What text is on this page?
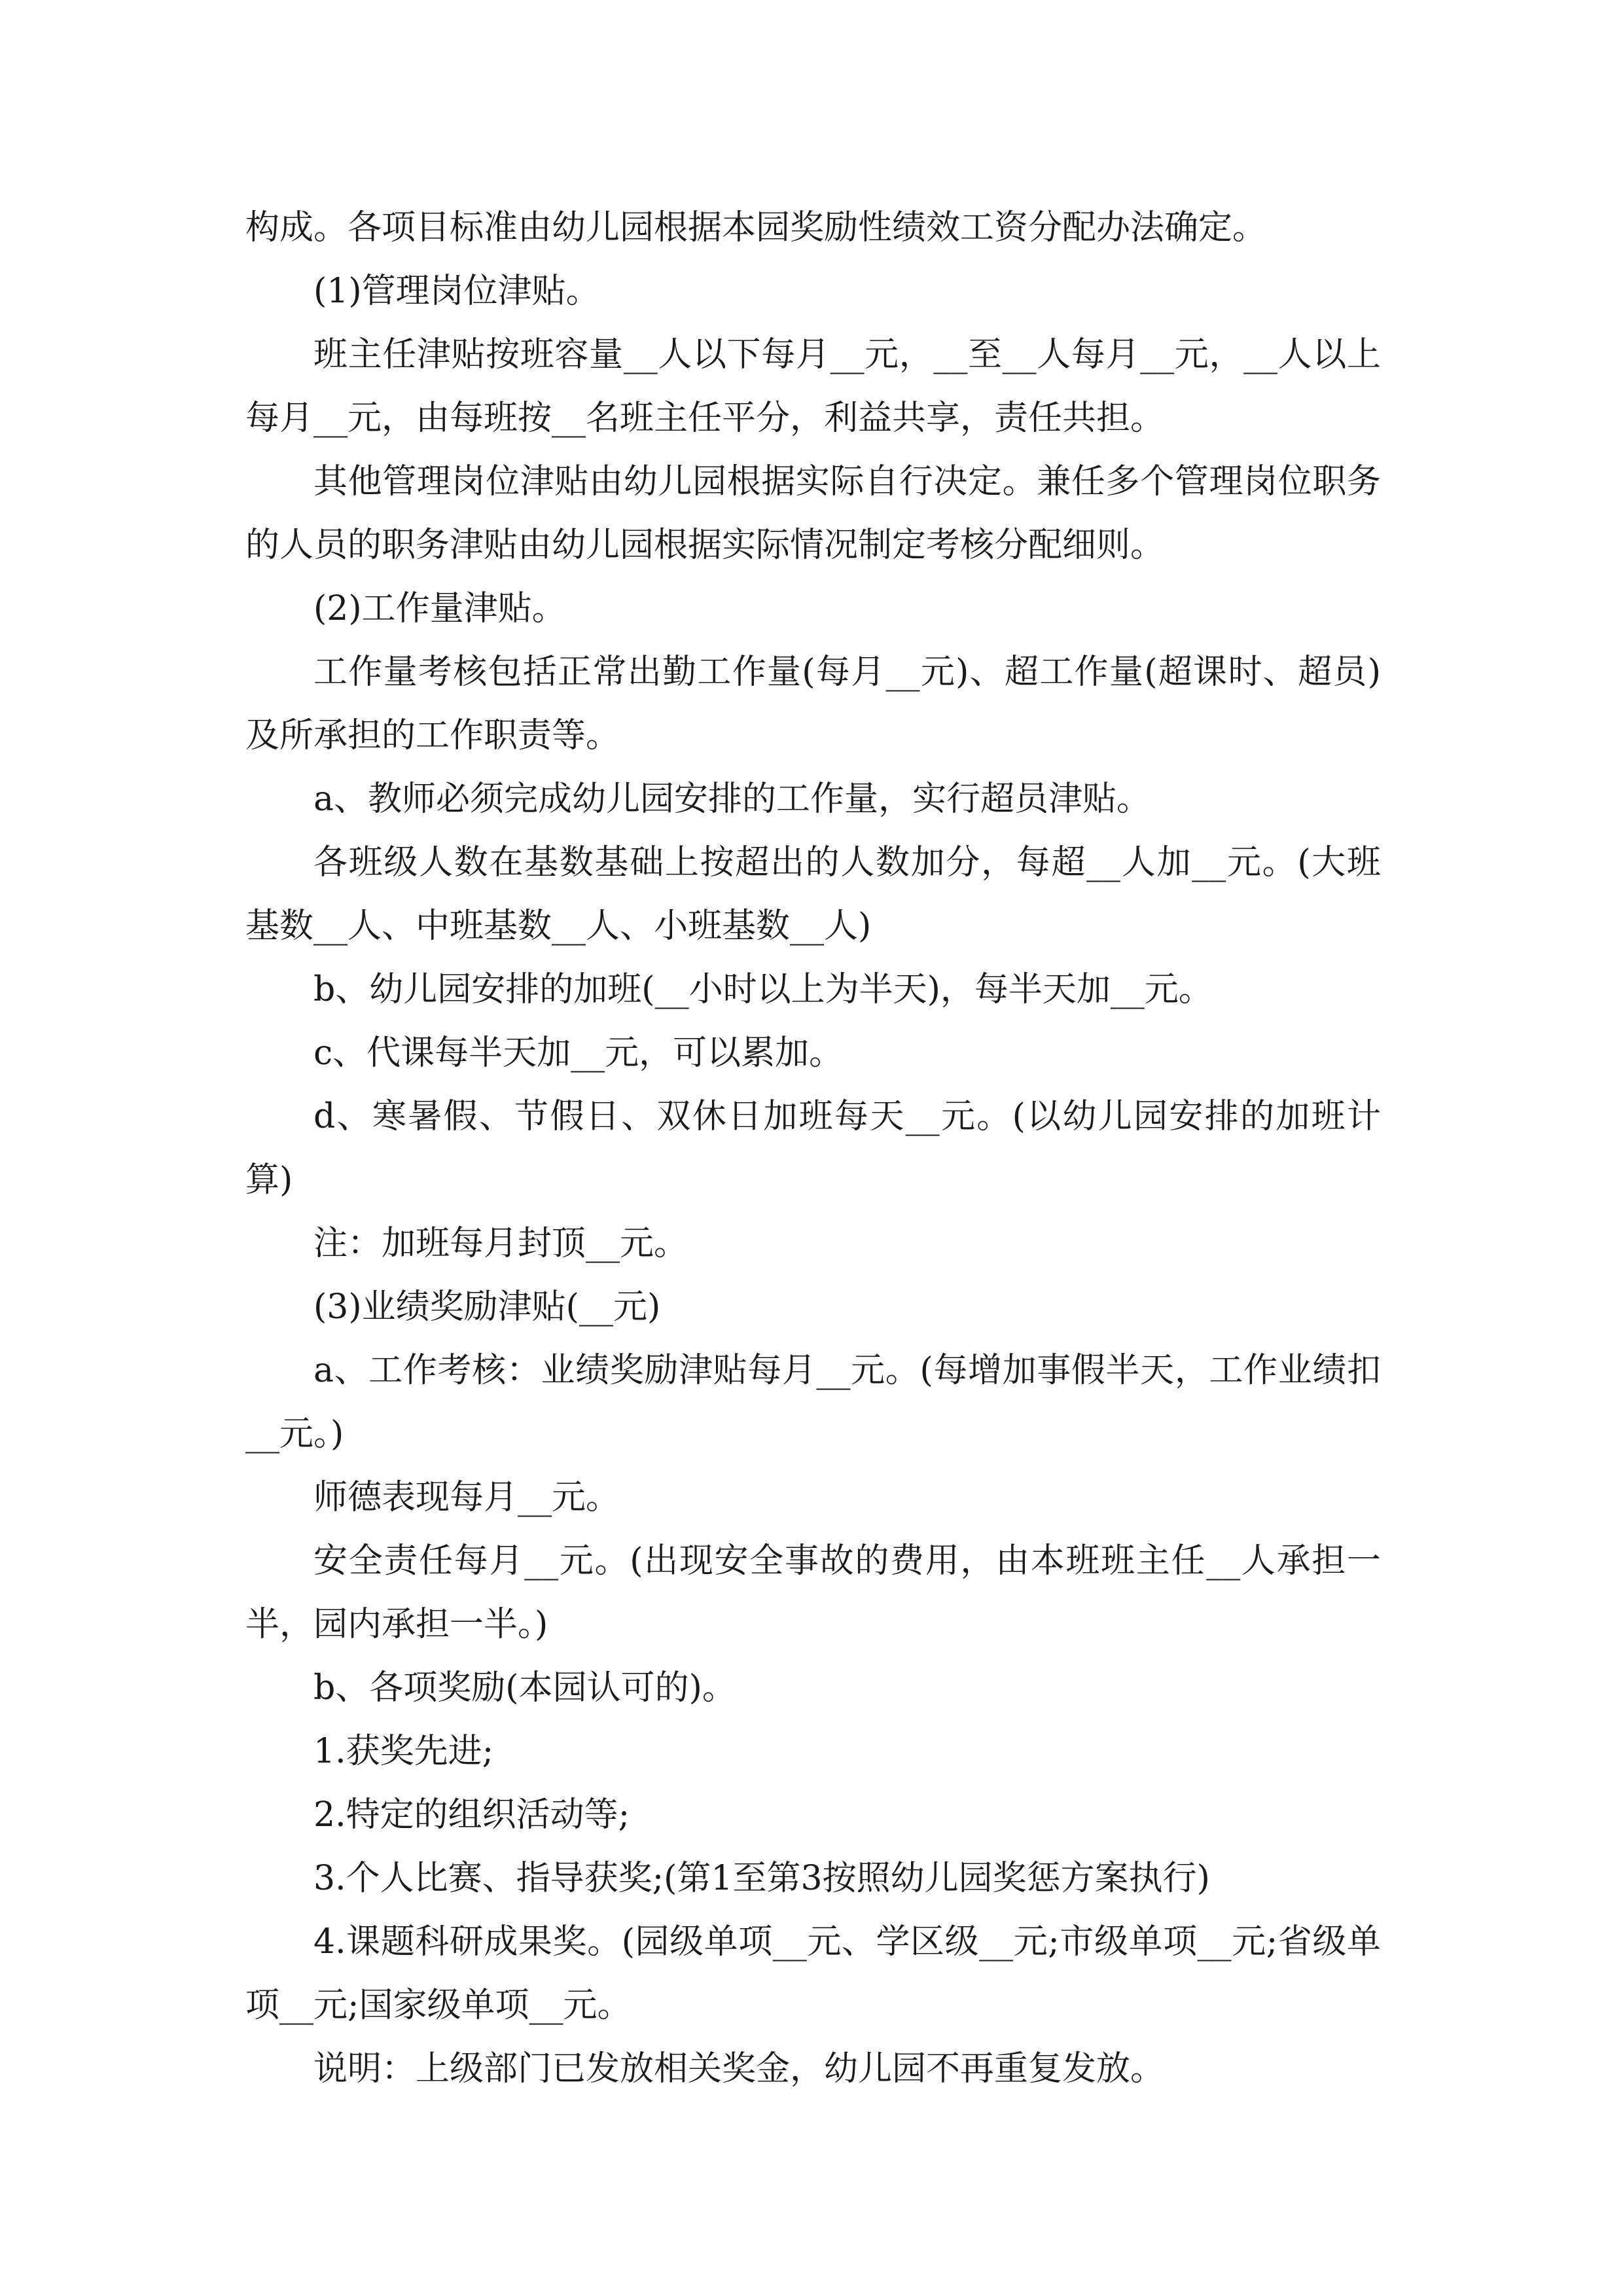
构成。各项目标准由幼儿园根据本园奖励性绩效工资分配办法确定。

(1)管理岗位津贴。

班主任津贴按班容量__人以下每月__元，__至__人每月__元，__人以上每月__元，由每班按__名班主任平分，利益共享，责任共担。

其他管理岗位津贴由幼儿园根据实际自行决定。兼任多个管理岗位职务的人员的职务津贴由幼儿园根据实际情况制定考核分配细则。

(2)工作量津贴。

工作量考核包括正常出勤工作量(每月__元)、超工作量(超课时、超员)及所承担的工作职责等。

a、教师必须完成幼儿园安排的工作量，实行超员津贴。

各班级人数在基数基础上按超出的人数加分，每超__人加__元。(大班基数__人、中班基数__人、小班基数__人)

b、幼儿园安排的加班(__小时以上为半天)，每半天加__元。

c、代课每半天加__元，可以累加。

d、寒暑假、节假日、双休日加班每天__元。(以幼儿园安排的加班计算)

注：加班每月封顶__元。

(3)业绩奖励津贴(__元)

a、工作考核：业绩奖励津贴每月__元。(每增加事假半天，工作业绩扣__元。)

师德表现每月__元。

安全责任每月__元。(出现安全事故的费用，由本班班主任__人承担一半，园内承担一半。)

b、各项奖励(本园认可的)。

1.获奖先进;

2.特定的组织活动等;

3.个人比赛、指导获奖;(第1至第3按照幼儿园奖惩方案执行)

4.课题科研成果奖。(园级单项__元、学区级__元;市级单项__元;省级单项__元;国家级单项__元。

说明：上级部门已发放相关奖金，幼儿园不再重复发放。
